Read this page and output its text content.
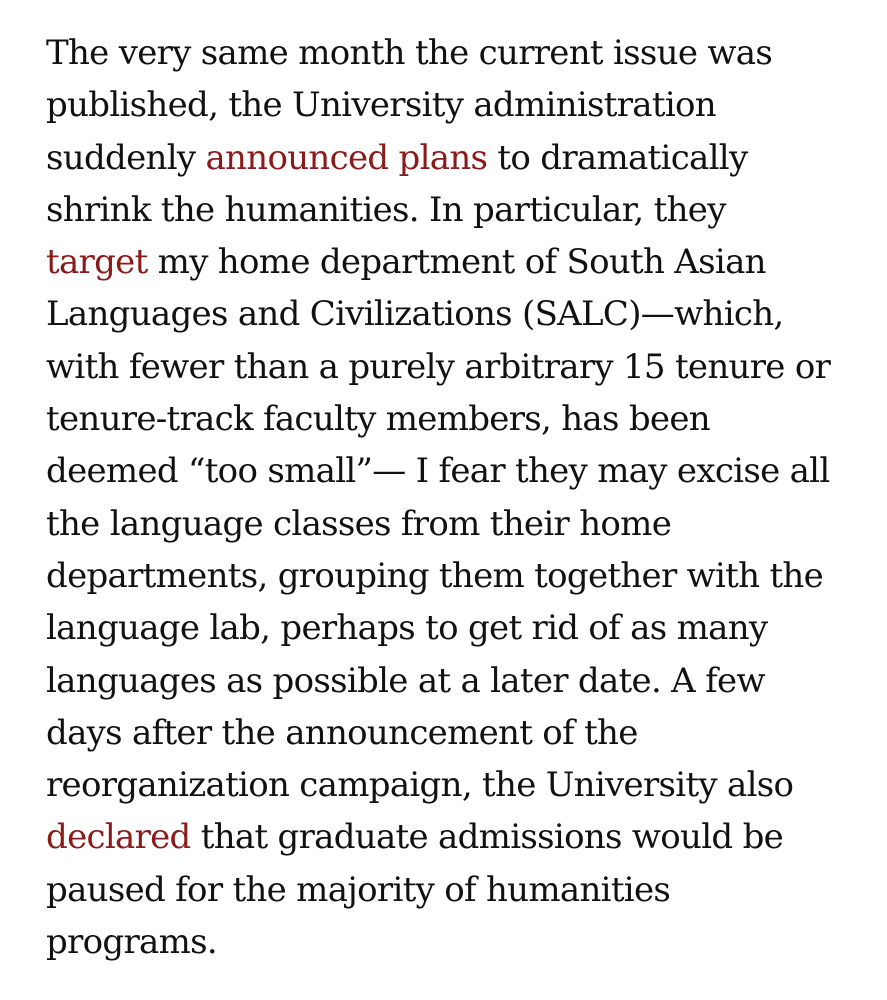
The very same month the current issue was
published, the University administration
suddenly announced plans to dramatically
shrink the humanities. In particular, they
target my home department of South Asian
Languages and Civilizations (SALC)—which,
with fewer than a purely arbitrary 15 tenure or
tenure-track faculty members, has been
deemed “too small”— I fear they may excise all
the language classes from their home
departments, grouping them together with the
language lab, perhaps to get rid of as many
languages as possible at a later date. A few
days after the announcement of the
reorganization campaign, the University also
declared that graduate admissions would be
paused for the majority of humanities
programs.
